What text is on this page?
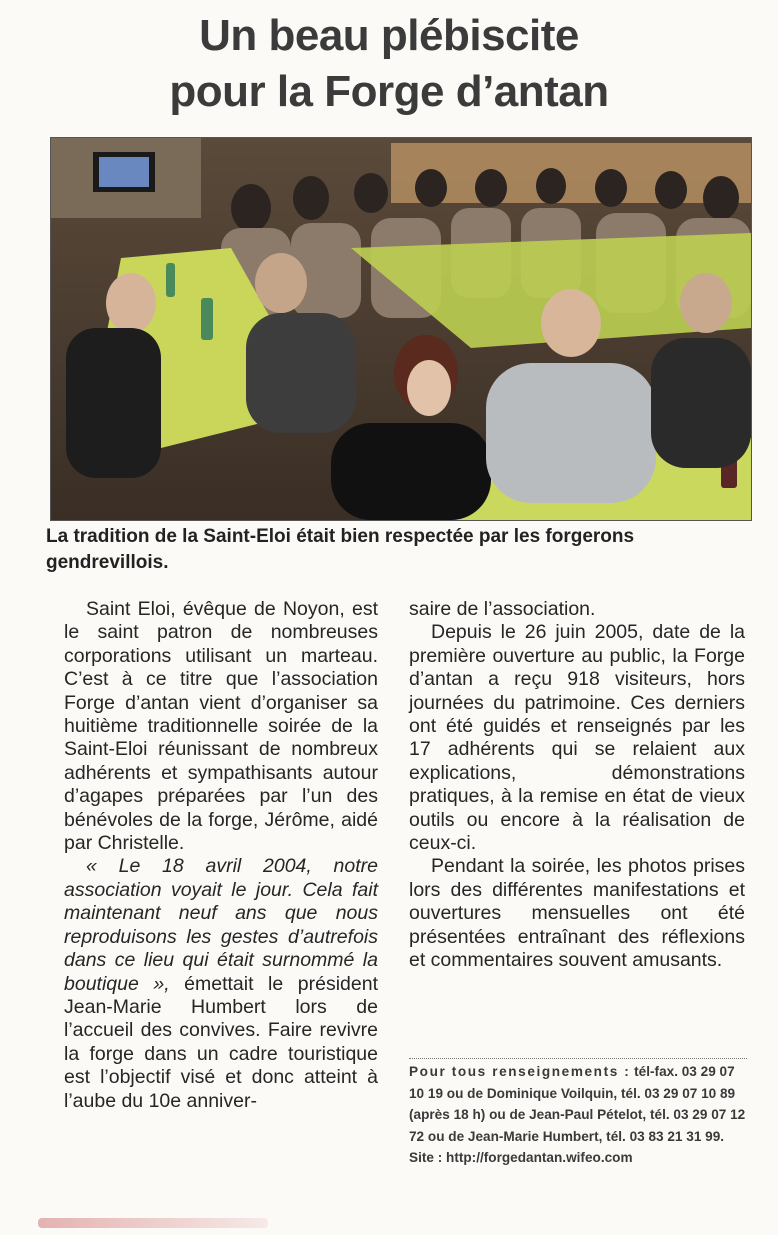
Un beau plébiscite
pour la Forge d’antan
La tradition de la Saint-Eloi était bien respectée par les forgerons gendrevillois.

Saint Eloi, évêque de Noyon, est le saint patron de nombreuses corporations utilisant un marteau. C’est à ce titre que l’association Forge d’antan vient d’organiser sa huitième traditionnelle soirée de la Saint-Eloi réunissant de nombreux adhérents et sympathisants autour d’agapes préparées par l’un des bénévoles de la forge, Jérôme, aidé par Christelle.

« Le 18 avril 2004, notre association voyait le jour. Cela fait maintenant neuf ans que nous reproduisons les gestes d’autrefois dans ce lieu qui était surnommé la boutique », émettait le président Jean-Marie Humbert lors de l’accueil des convives. Faire revivre la forge dans un cadre touristique est l’objectif visé et donc atteint à l’aube du 10e anniver-

saire de l’association.

Depuis le 26 juin 2005, date de la première ouverture au public, la Forge d’antan a reçu 918 visiteurs, hors journées du patrimoine. Ces derniers ont été guidés et renseignés par les 17 adhérents qui se relaient aux explications, démonstrations pratiques, à la remise en état de vieux outils ou encore à la réalisation de ceux-ci.

Pendant la soirée, les photos prises lors des différentes manifestations et ouvertures mensuelles ont été présentées entraînant des réflexions et commentaires souvent amusants.

Pour tous renseignements : tél-fax. 03 29 07 10 19 ou de Dominique Voilquin, tél. 03 29 07 10 89 (après 18 h) ou de Jean-Paul Pételot, tél. 03 29 07 12 72 ou de Jean-Marie Humbert, tél. 03 83 21 31 99.
Site : http://forgedantan.wifeo.com
